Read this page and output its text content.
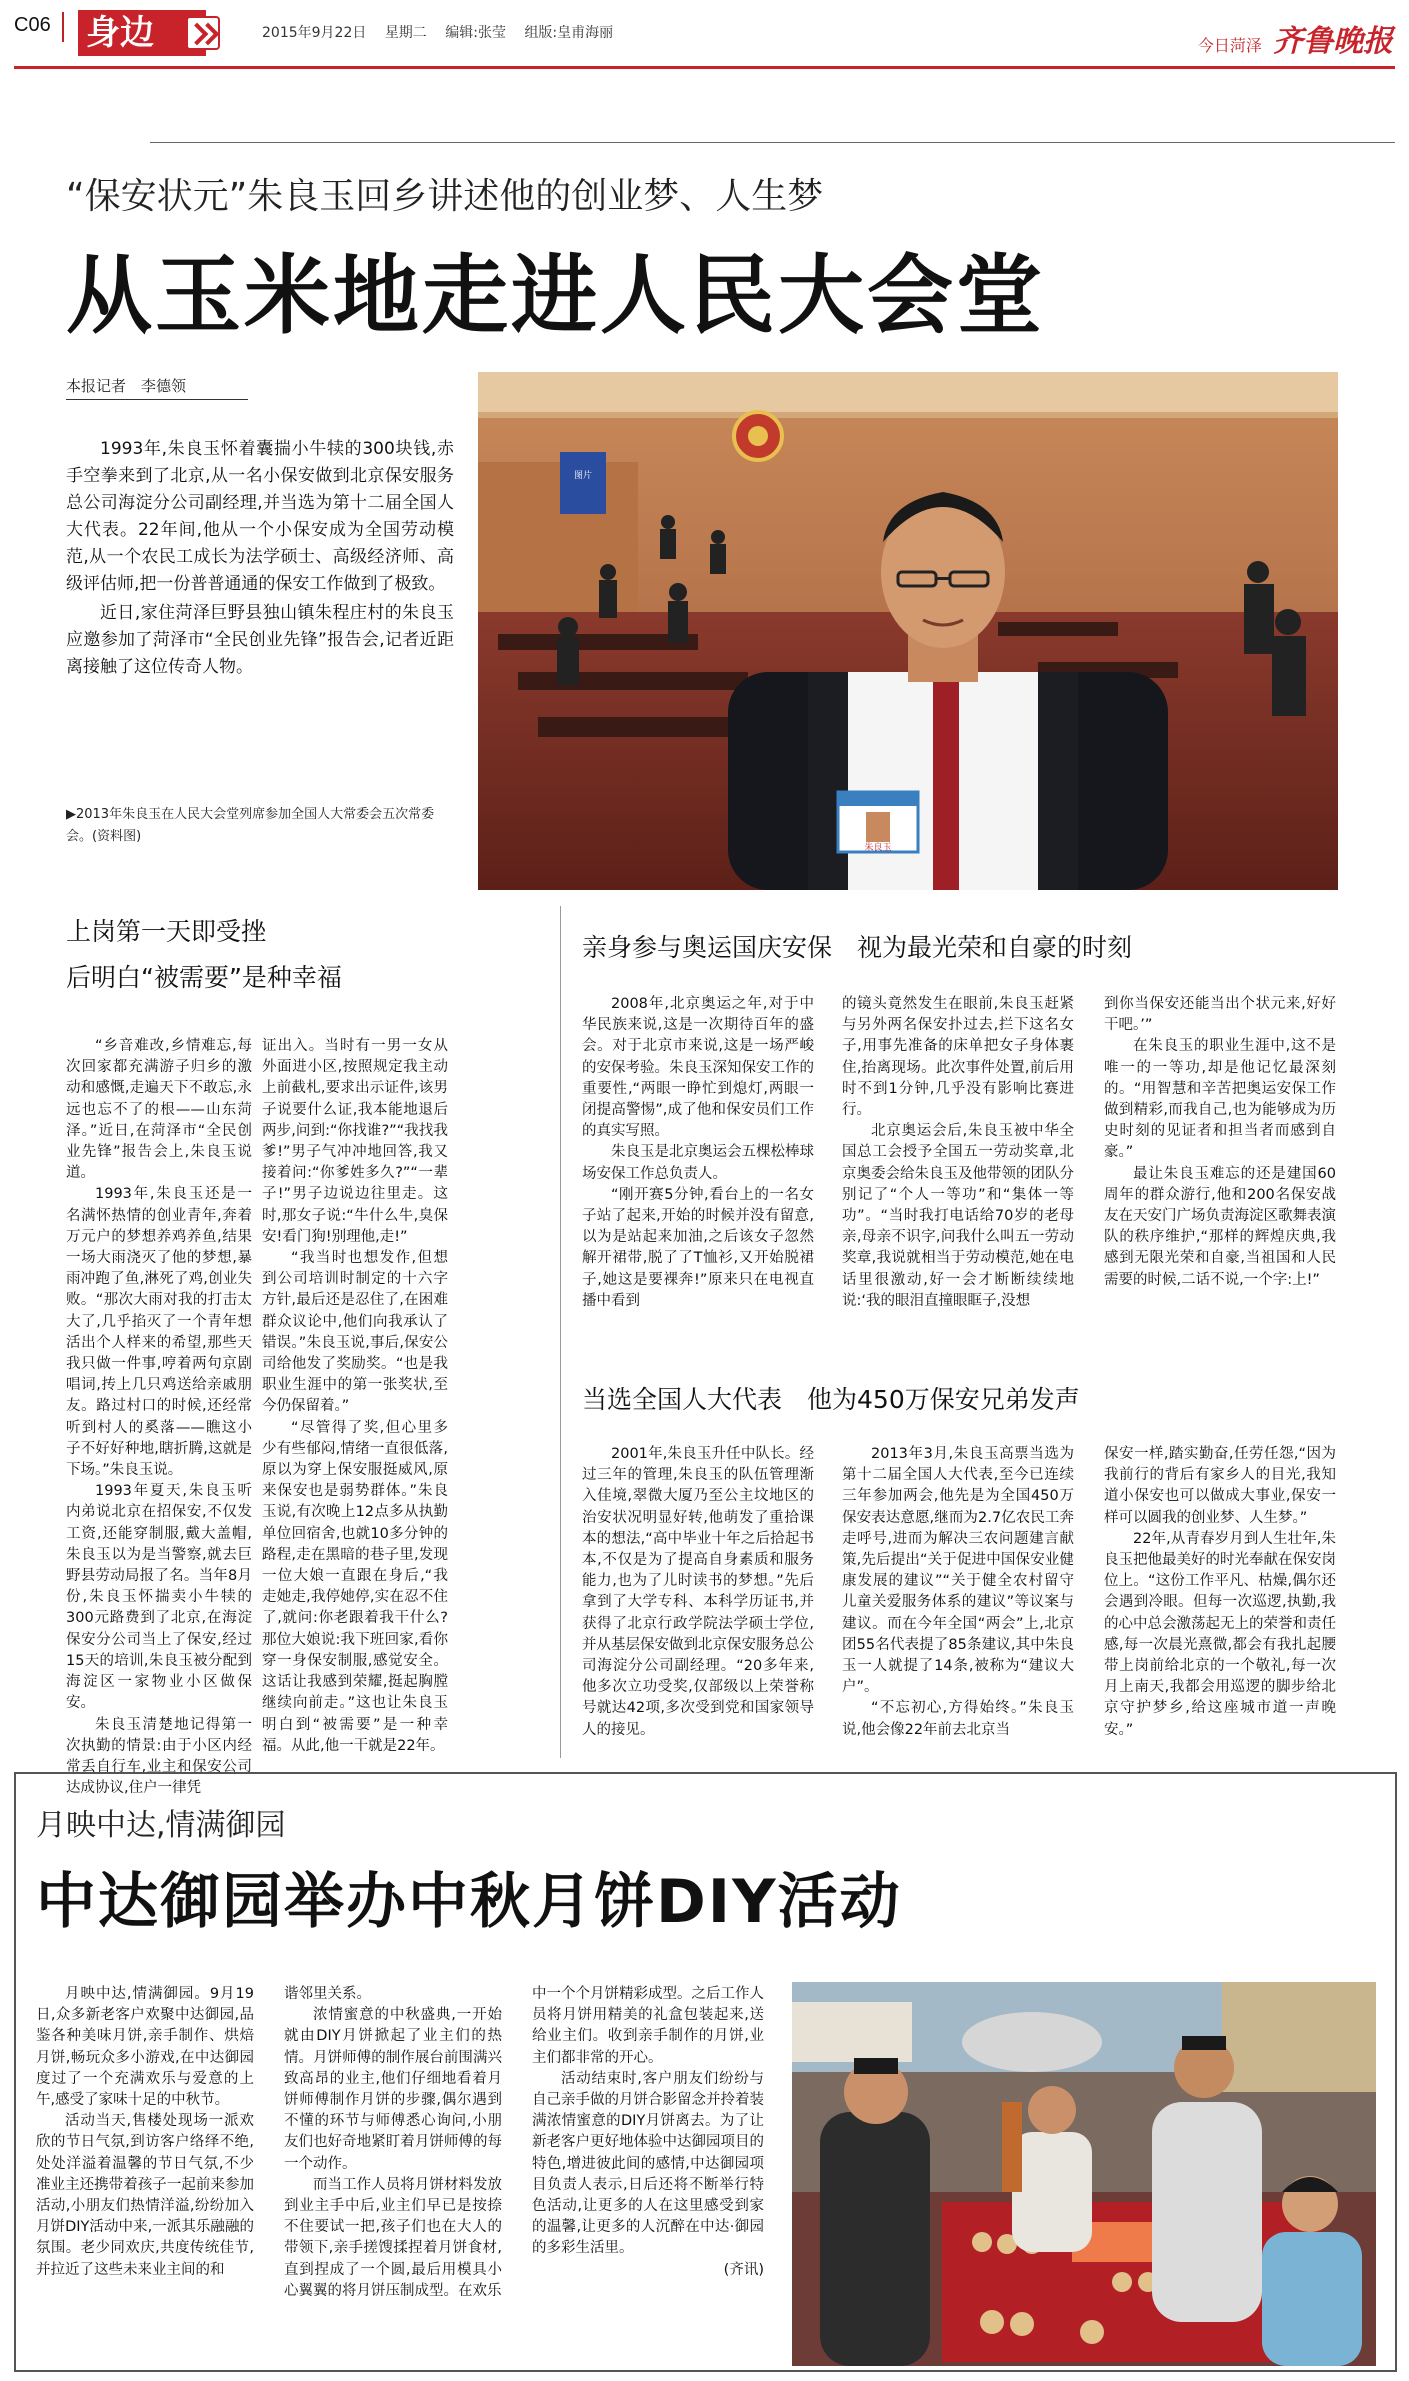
C06 身边	2015年9月22日 星期二 编辑:张莹 组版:皇甫海丽
今日菏泽 齐鲁晚报
“保安状元”朱良玉回乡讲述他的创业梦、人生梦
从玉米地走进人民大会堂
本报记者　李德领

1993年,朱良玉怀着囊揣小牛犊的300块钱,赤手空拳来到了北京,从一名小保安做到北京保安服务总公司海淀分公司副经理,并当选为第十二届全国人大代表。22年间,他从一个小保安成为全国劳动模范,从一个农民工成长为法学硕士、高级经济师、高级评估师,把一份普普通通的保安工作做到了极致。

近日,家住菏泽巨野县独山镇朱程庄村的朱良玉应邀参加了菏泽市“全民创业先锋”报告会,记者近距离接触了这位传奇人物。

▶2013年朱良玉在人民大会堂列席参加全国人大常委会五次常委会。(资料图)
图片
朱良玉
上岗第一天即受挫
后明白“被需要”是种幸福

“乡音难改,乡情难忘,每次回家都充满游子归乡的激动和感慨,走遍天下不敢忘,永远也忘不了的根——山东菏泽。”近日,在菏泽市“全民创业先锋”报告会上,朱良玉说道。

1993年,朱良玉还是一名满怀热情的创业青年,奔着万元户的梦想养鸡养鱼,结果一场大雨浇灭了他的梦想,暴雨冲跑了鱼,淋死了鸡,创业失败。“那次大雨对我的打击太大了,几乎掐灭了一个青年想活出个人样来的希望,那些天我只做一件事,哼着两句京剧唱词,抟上几只鸡送给亲戚朋友。路过村口的时候,还经常听到村人的奚落——瞧这小子不好好种地,瞎折腾,这就是下场。”朱良玉说。

1993年夏天,朱良玉听内弟说北京在招保安,不仅发工资,还能穿制服,戴大盖帽,朱良玉以为是当警察,就去巨野县劳动局报了名。当年8月份,朱良玉怀揣卖小牛犊的300元路费到了北京,在海淀保安分公司当上了保安,经过15天的培训,朱良玉被分配到海淀区一家物业小区做保安。

朱良玉清楚地记得第一次执勤的情景:由于小区内经常丢自行车,业主和保安公司达成协议,住户一律凭

证出入。当时有一男一女从外面进小区,按照规定我主动上前截札,要求出示证件,该男子说要什么证,我本能地退后两步,问到:“你找谁?”“我找我爹!”男子气冲冲地回答,我又接着问:“你爹姓多久?”“一辈子!”男子边说边往里走。这时,那女子说:“牛什么牛,臭保安!看门狗!别理他,走!”

“我当时也想发作,但想到公司培训时制定的十六字方针,最后还是忍住了,在困难群众议论中,他们向我承认了错误。”朱良玉说,事后,保安公司给他发了奖励奖。“也是我职业生涯中的第一张奖状,至今仍保留着。”

“尽管得了奖,但心里多少有些郁闷,情绪一直很低落,原以为穿上保安服挺威风,原来保安也是弱势群体。”朱良玉说,有次晚上12点多从执勤单位回宿舍,也就10多分钟的路程,走在黑暗的巷子里,发现一位大娘一直跟在身后,“我走她走,我停她停,实在忍不住了,就问:你老跟着我干什么?那位大娘说:我下班回家,看你穿一身保安制服,感觉安全。这话让我感到荣耀,挺起胸膛继续向前走。”这也让朱良玉明白到“被需要”是一种幸福。从此,他一干就是22年。

亲身参与奥运国庆安保　视为最光荣和自豪的时刻

2008年,北京奥运之年,对于中华民族来说,这是一次期待百年的盛会。对于北京市来说,这是一场严峻的安保考验。朱良玉深知保安工作的重要性,“两眼一睁忙到熄灯,两眼一闭提高警惕”,成了他和保安员们工作的真实写照。

朱良玉是北京奥运会五棵松棒球场安保工作总负责人。

“刚开赛5分钟,看台上的一名女子站了起来,开始的时候并没有留意,以为是站起来加油,之后该女子忽然解开裙带,脱了了T恤衫,又开始脱裙子,她这是要裸奔!”原来只在电视直播中看到

的镜头竟然发生在眼前,朱良玉赶紧与另外两名保安扑过去,拦下这名女子,用事先准备的床单把女子身体裹住,抬离现场。此次事件处置,前后用时不到1分钟,几乎没有影响比赛进行。

北京奥运会后,朱良玉被中华全国总工会授予全国五一劳动奖章,北京奥委会给朱良玉及他带领的团队分别记了“个人一等功”和“集体一等功”。“当时我打电话给70岁的老母亲,母亲不识字,问我什么叫五一劳动奖章,我说就相当于劳动模范,她在电话里很激动,好一会才断断续续地说:‘我的眼泪直撞眼眶子,没想

到你当保安还能当出个状元来,好好干吧。’”

在朱良玉的职业生涯中,这不是唯一的一等功,却是他记忆最深刻的。“用智慧和辛苦把奥运安保工作做到精彩,而我自己,也为能够成为历史时刻的见证者和担当者而感到自豪。”

最让朱良玉难忘的还是建国60周年的群众游行,他和200名保安战友在天安门广场负责海淀区歌舞表演队的秩序维护,“那样的辉煌庆典,我感到无限光荣和自豪,当祖国和人民需要的时候,二话不说,一个字:上!”

当选全国人大代表　他为450万保安兄弟发声

2001年,朱良玉升任中队长。经过三年的管理,朱良玉的队伍管理渐入佳境,翠微大厦乃至公主坟地区的治安状况明显好转,他萌发了重拾课本的想法,“高中毕业十年之后拾起书本,不仅是为了提高自身素质和服务能力,也为了儿时读书的梦想。”先后拿到了大学专科、本科学历证书,并获得了北京行政学院法学硕士学位,并从基层保安做到北京保安服务总公司海淀分公司副经理。“20多年来,他多次立功受奖,仅部级以上荣誉称号就达42项,多次受到党和国家领导人的接见。

2013年3月,朱良玉高票当选为第十二届全国人大代表,至今已连续三年参加两会,他先是为全国450万保安表达意愿,继而为2.7亿农民工奔走呼号,进而为解决三农问题建言献策,先后提出“关于促进中国保安业健康发展的建议”“关于健全农村留守儿童关爱服务体系的建议”等议案与建议。而在今年全国“两会”上,北京团55名代表提了85条建议,其中朱良玉一人就提了14条,被称为“建议大户”。

“不忘初心,方得始终。”朱良玉说,他会像22年前去北京当

保安一样,踏实勤奋,任劳任怨,“因为我前行的背后有家乡人的目光,我知道小保安也可以做成大事业,保安一样可以圆我的创业梦、人生梦。”

22年,从青春岁月到人生壮年,朱良玉把他最美好的时光奉献在保安岗位上。“这份工作平凡、枯燥,偶尔还会遇到冷眼。但每一次巡逻,执勤,我的心中总会激荡起无上的荣誉和责任感,每一次晨光熹微,都会有我扎起腰带上岗前给北京的一个敬礼,每一次月上南天,我都会用巡逻的脚步给北京守护梦乡,给这座城市道一声晚安。”

月映中达,情满御园
中达御园举办中秋月饼DIY活动

月映中达,情满御园。9月19日,众多新老客户欢聚中达御园,品鉴各种美味月饼,亲手制作、烘焙月饼,畅玩众多小游戏,在中达御园度过了一个充满欢乐与爱意的上午,感受了家味十足的中秋节。

活动当天,售楼处现场一派欢欣的节日气氛,到访客户络绎不绝,处处洋溢着温馨的节日气氛,不少准业主还携带着孩子一起前来参加活动,小朋友们热情洋溢,纷纷加入月饼DIY活动中来,一派其乐融融的氛围。老少同欢庆,共度传统佳节,并拉近了这些未来业主间的和

谐邻里关系。

浓情蜜意的中秋盛典,一开始就由DIY月饼掀起了业主们的热情。月饼师傅的制作展台前围满兴致高昂的业主,他们仔细地看着月饼师傅制作月饼的步骤,偶尔遇到不懂的环节与师傅悉心询问,小朋友们也好奇地紧盯着月饼师傅的每一个动作。

而当工作人员将月饼材料发放到业主手中后,业主们早已是按捺不住要试一把,孩子们也在大人的带领下,亲手搓馊揉捏着月饼食材,直到捏成了一个圆,最后用模具小心翼翼的将月饼压制成型。在欢乐

中一个个月饼精彩成型。之后工作人员将月饼用精美的礼盒包装起来,送给业主们。收到亲手制作的月饼,业主们都非常的开心。

活动结束时,客户朋友们纷纷与自己亲手做的月饼合影留念并拎着装满浓情蜜意的DIY月饼离去。为了让新老客户更好地体验中达御园项目的特色,增进彼此间的感情,中达御园项目负责人表示,日后还将不断举行特色活动,让更多的人在这里感受到家的温馨,让更多的人沉醉在中达·御园的多彩生活里。

(齐讯)
